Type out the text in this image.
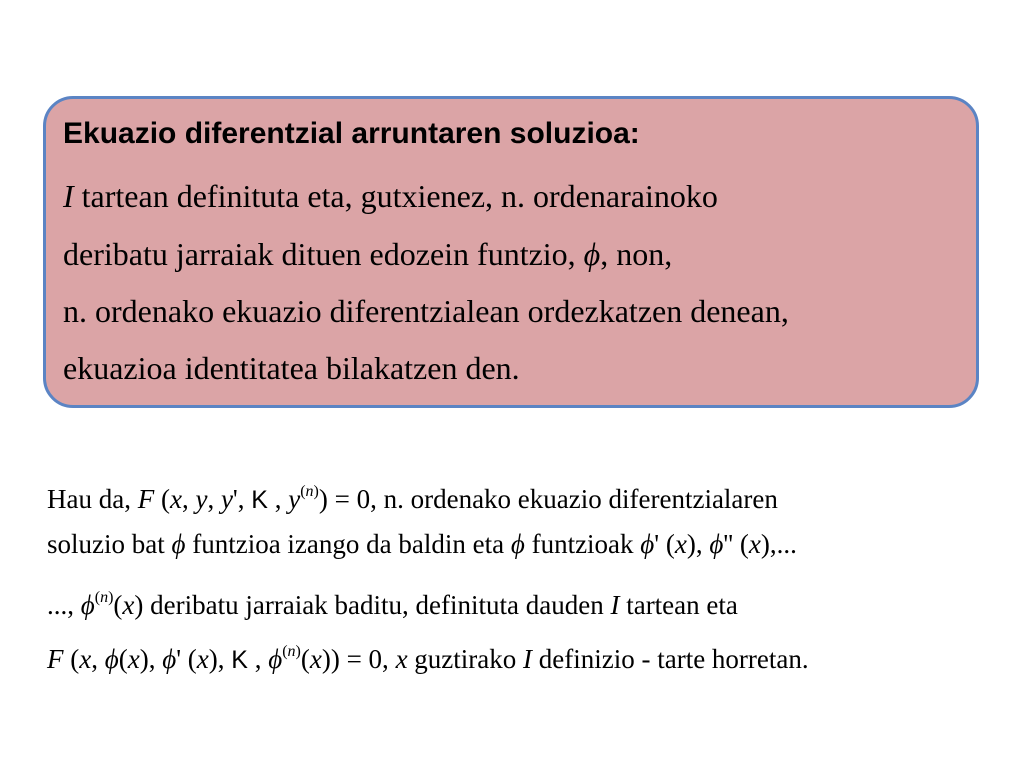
Ekuazio diferentzial arruntaren soluzioa:
I tartean definituta eta, gutxienez, n. ordenarainoko
deribatu jarraiak dituen edozein funtzio, ϕ, non,
n. ordenako ekuazio diferentzialean ordezkatzen denean,
ekuazioa identitatea bilakatzen den.
Hau da, F (x, y, y', K , $y^{(n)}) = 0$, n. ordenako ekuazio diferentzialaren
soluzio bat ϕ funtzioa izango da baldin eta ϕ funtzioak ϕ' (x), ϕ'' (x),...
..., $\phi^{(n)}(x)$ deribatu jarraiak baditu, definituta dauden I tartean eta
F (x, ϕ(x), ϕ' (x), K , $\phi^{(n)}(x)) = 0$, x guztirako I definizio - tarte horretan.
